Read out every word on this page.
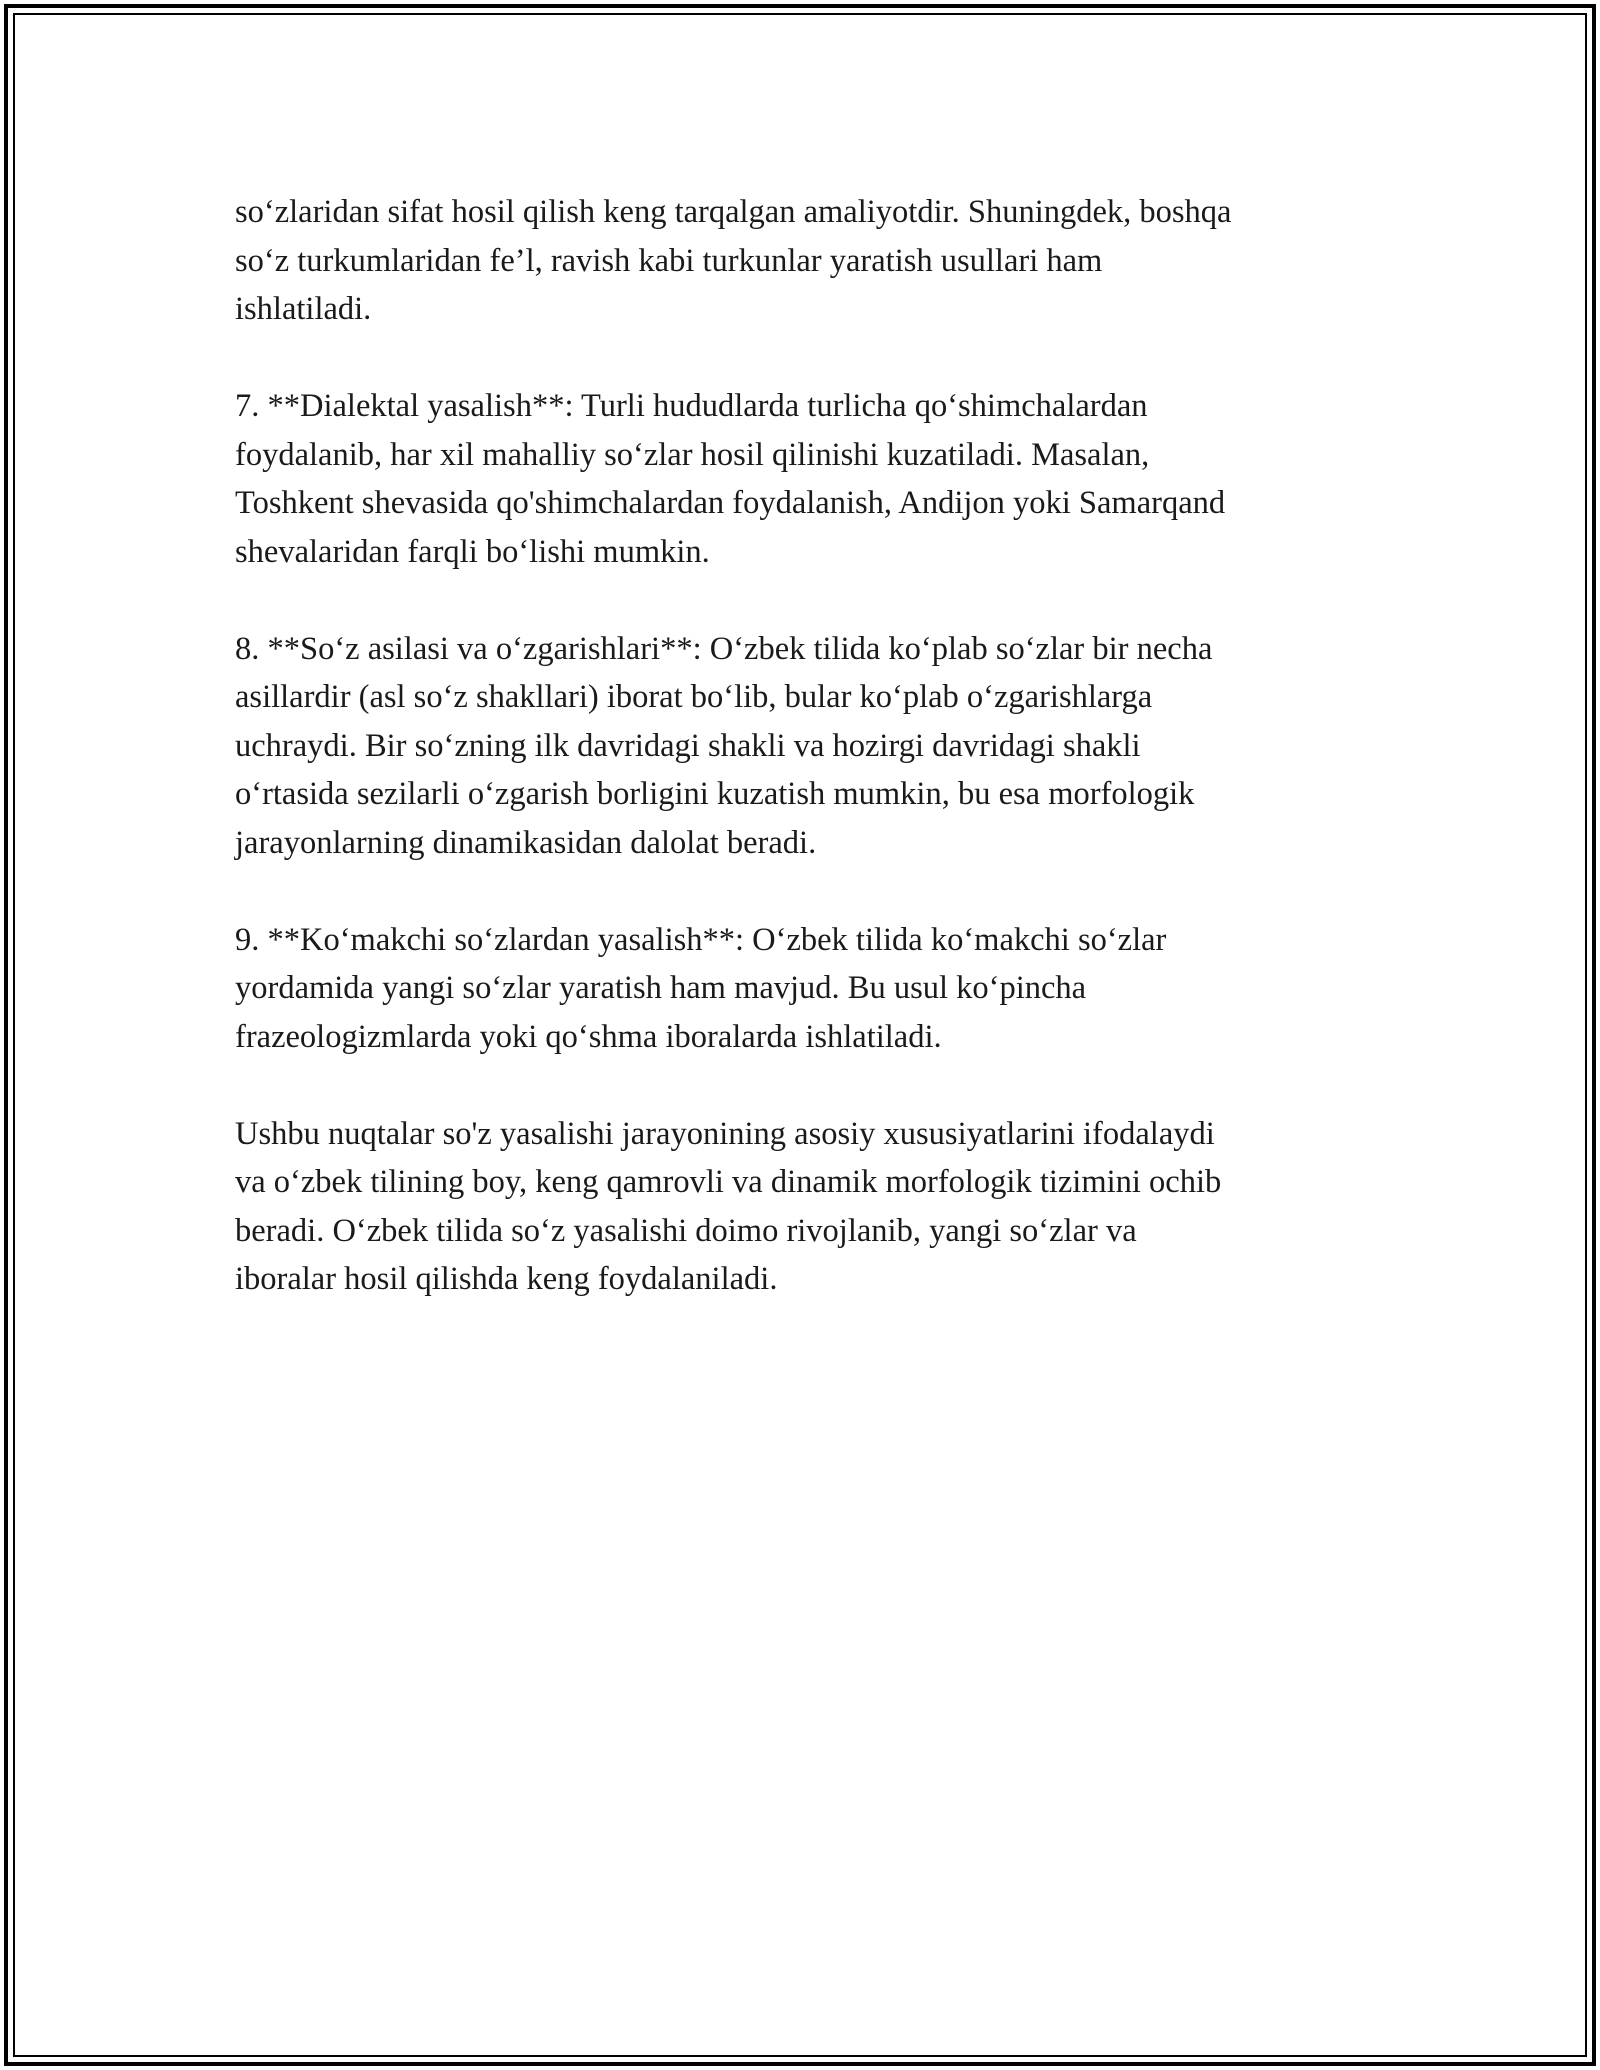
so‘zlaridan sifat hosil qilish keng tarqalgan amaliyotdir. Shuningdek, boshqa
so‘z turkumlaridan fe’l, ravish kabi turkunlar yaratish usullari ham
ishlatiladi.

7. **Dialektal yasalish**: Turli hududlarda turlicha qo‘shimchalardan
foydalanib, har xil mahalliy so‘zlar hosil qilinishi kuzatiladi. Masalan,
Toshkent shevasida qo'shimchalardan foydalanish, Andijon yoki Samarqand
shevalaridan farqli bo‘lishi mumkin.

8. **So‘z asilasi va o‘zgarishlari**: O‘zbek tilida ko‘plab so‘zlar bir necha
asillardir (asl so‘z shakllari) iborat bo‘lib, bular ko‘plab o‘zgarishlarga
uchraydi. Bir so‘zning ilk davridagi shakli va hozirgi davridagi shakli
o‘rtasida sezilarli o‘zgarish borligini kuzatish mumkin, bu esa morfologik
jarayonlarning dinamikasidan dalolat beradi.

9. **Ko‘makchi so‘zlardan yasalish**: O‘zbek tilida ko‘makchi so‘zlar
yordamida yangi so‘zlar yaratish ham mavjud. Bu usul ko‘pincha
frazeologizmlarda yoki qo‘shma iboralarda ishlatiladi.

Ushbu nuqtalar so'z yasalishi jarayonining asosiy xususiyatlarini ifodalaydi
va o‘zbek tilining boy, keng qamrovli va dinamik morfologik tizimini ochib
beradi. O‘zbek tilida so‘z yasalishi doimo rivojlanib, yangi so‘zlar va
iboralar hosil qilishda keng foydalaniladi.
